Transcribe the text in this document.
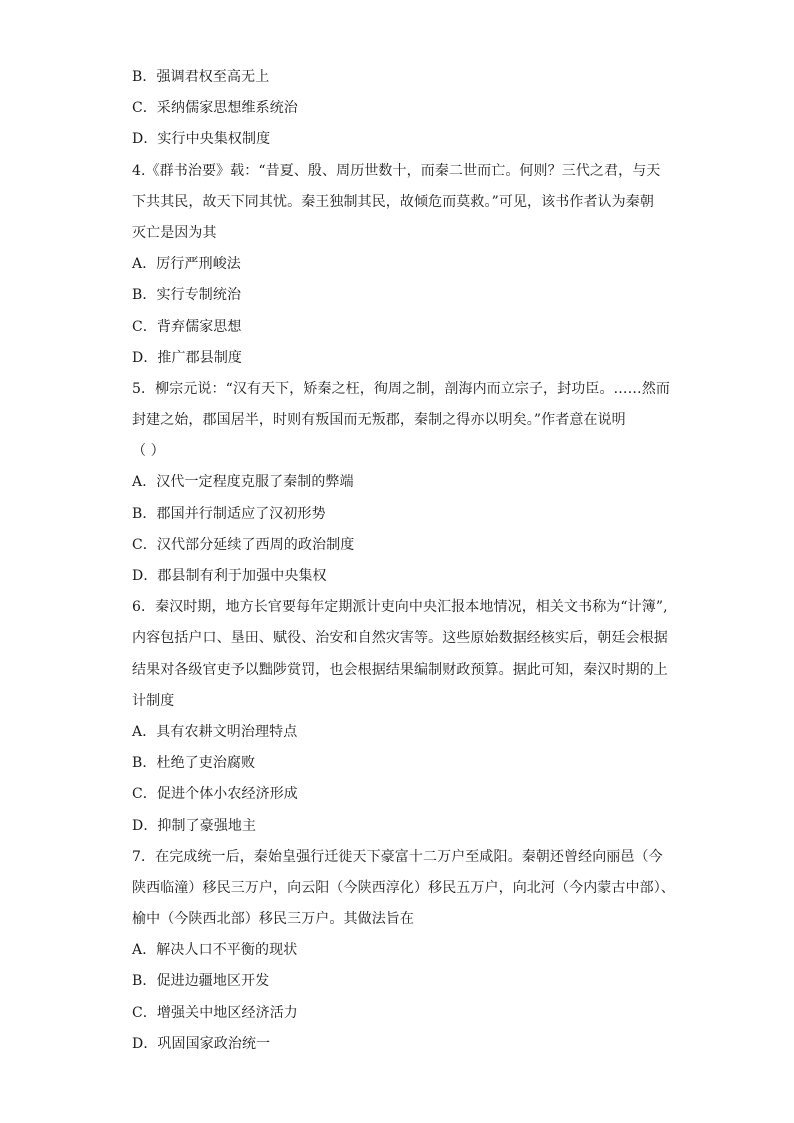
B．强调君权至高无上
C．采纳儒家思想维系统治
D．实行中央集权制度
4.《群书治要》载：“昔夏、殷、周历世数十，而秦二世而亡。何则？三代之君，与天
下共其民，故天下同其忧。秦王独制其民，故倾危而莫救。”可见，该书作者认为秦朝
灭亡是因为其
A．厉行严刑峻法
B．实行专制统治
C．背弃儒家思想
D．推广郡县制度
5．柳宗元说：“汉有天下，矫秦之枉，徇周之制，剖海内而立宗子，封功臣。……然而
封建之始，郡国居半，时则有叛国而无叛郡，秦制之得亦以明矣。”作者意在说明
（ ）
A．汉代一定程度克服了秦制的弊端
B．郡国并行制适应了汉初形势
C．汉代部分延续了西周的政治制度
D．郡县制有利于加强中央集权
6．秦汉时期，地方长官要每年定期派计吏向中央汇报本地情况，相关文书称为“计簿”,
内容包括户口、垦田、赋役、治安和自然灾害等。这些原始数据经核实后，朝廷会根据
结果对各级官吏予以黜陟赏罚，也会根据结果编制财政预算。据此可知，秦汉时期的上
计制度
A．具有农耕文明治理特点
B．杜绝了吏治腐败
C．促进个体小农经济形成
D．抑制了豪强地主
7．在完成统一后，秦始皇强行迁徙天下豪富十二万户至咸阳。秦朝还曾经向丽邑（今
陕西临潼）移民三万户，向云阳（今陕西淳化）移民五万户，向北河（今内蒙古中部）、
榆中（今陕西北部）移民三万户。其做法旨在
A．解决人口不平衡的现状
B．促进边疆地区开发
C．增强关中地区经济活力
D．巩固国家政治统一
